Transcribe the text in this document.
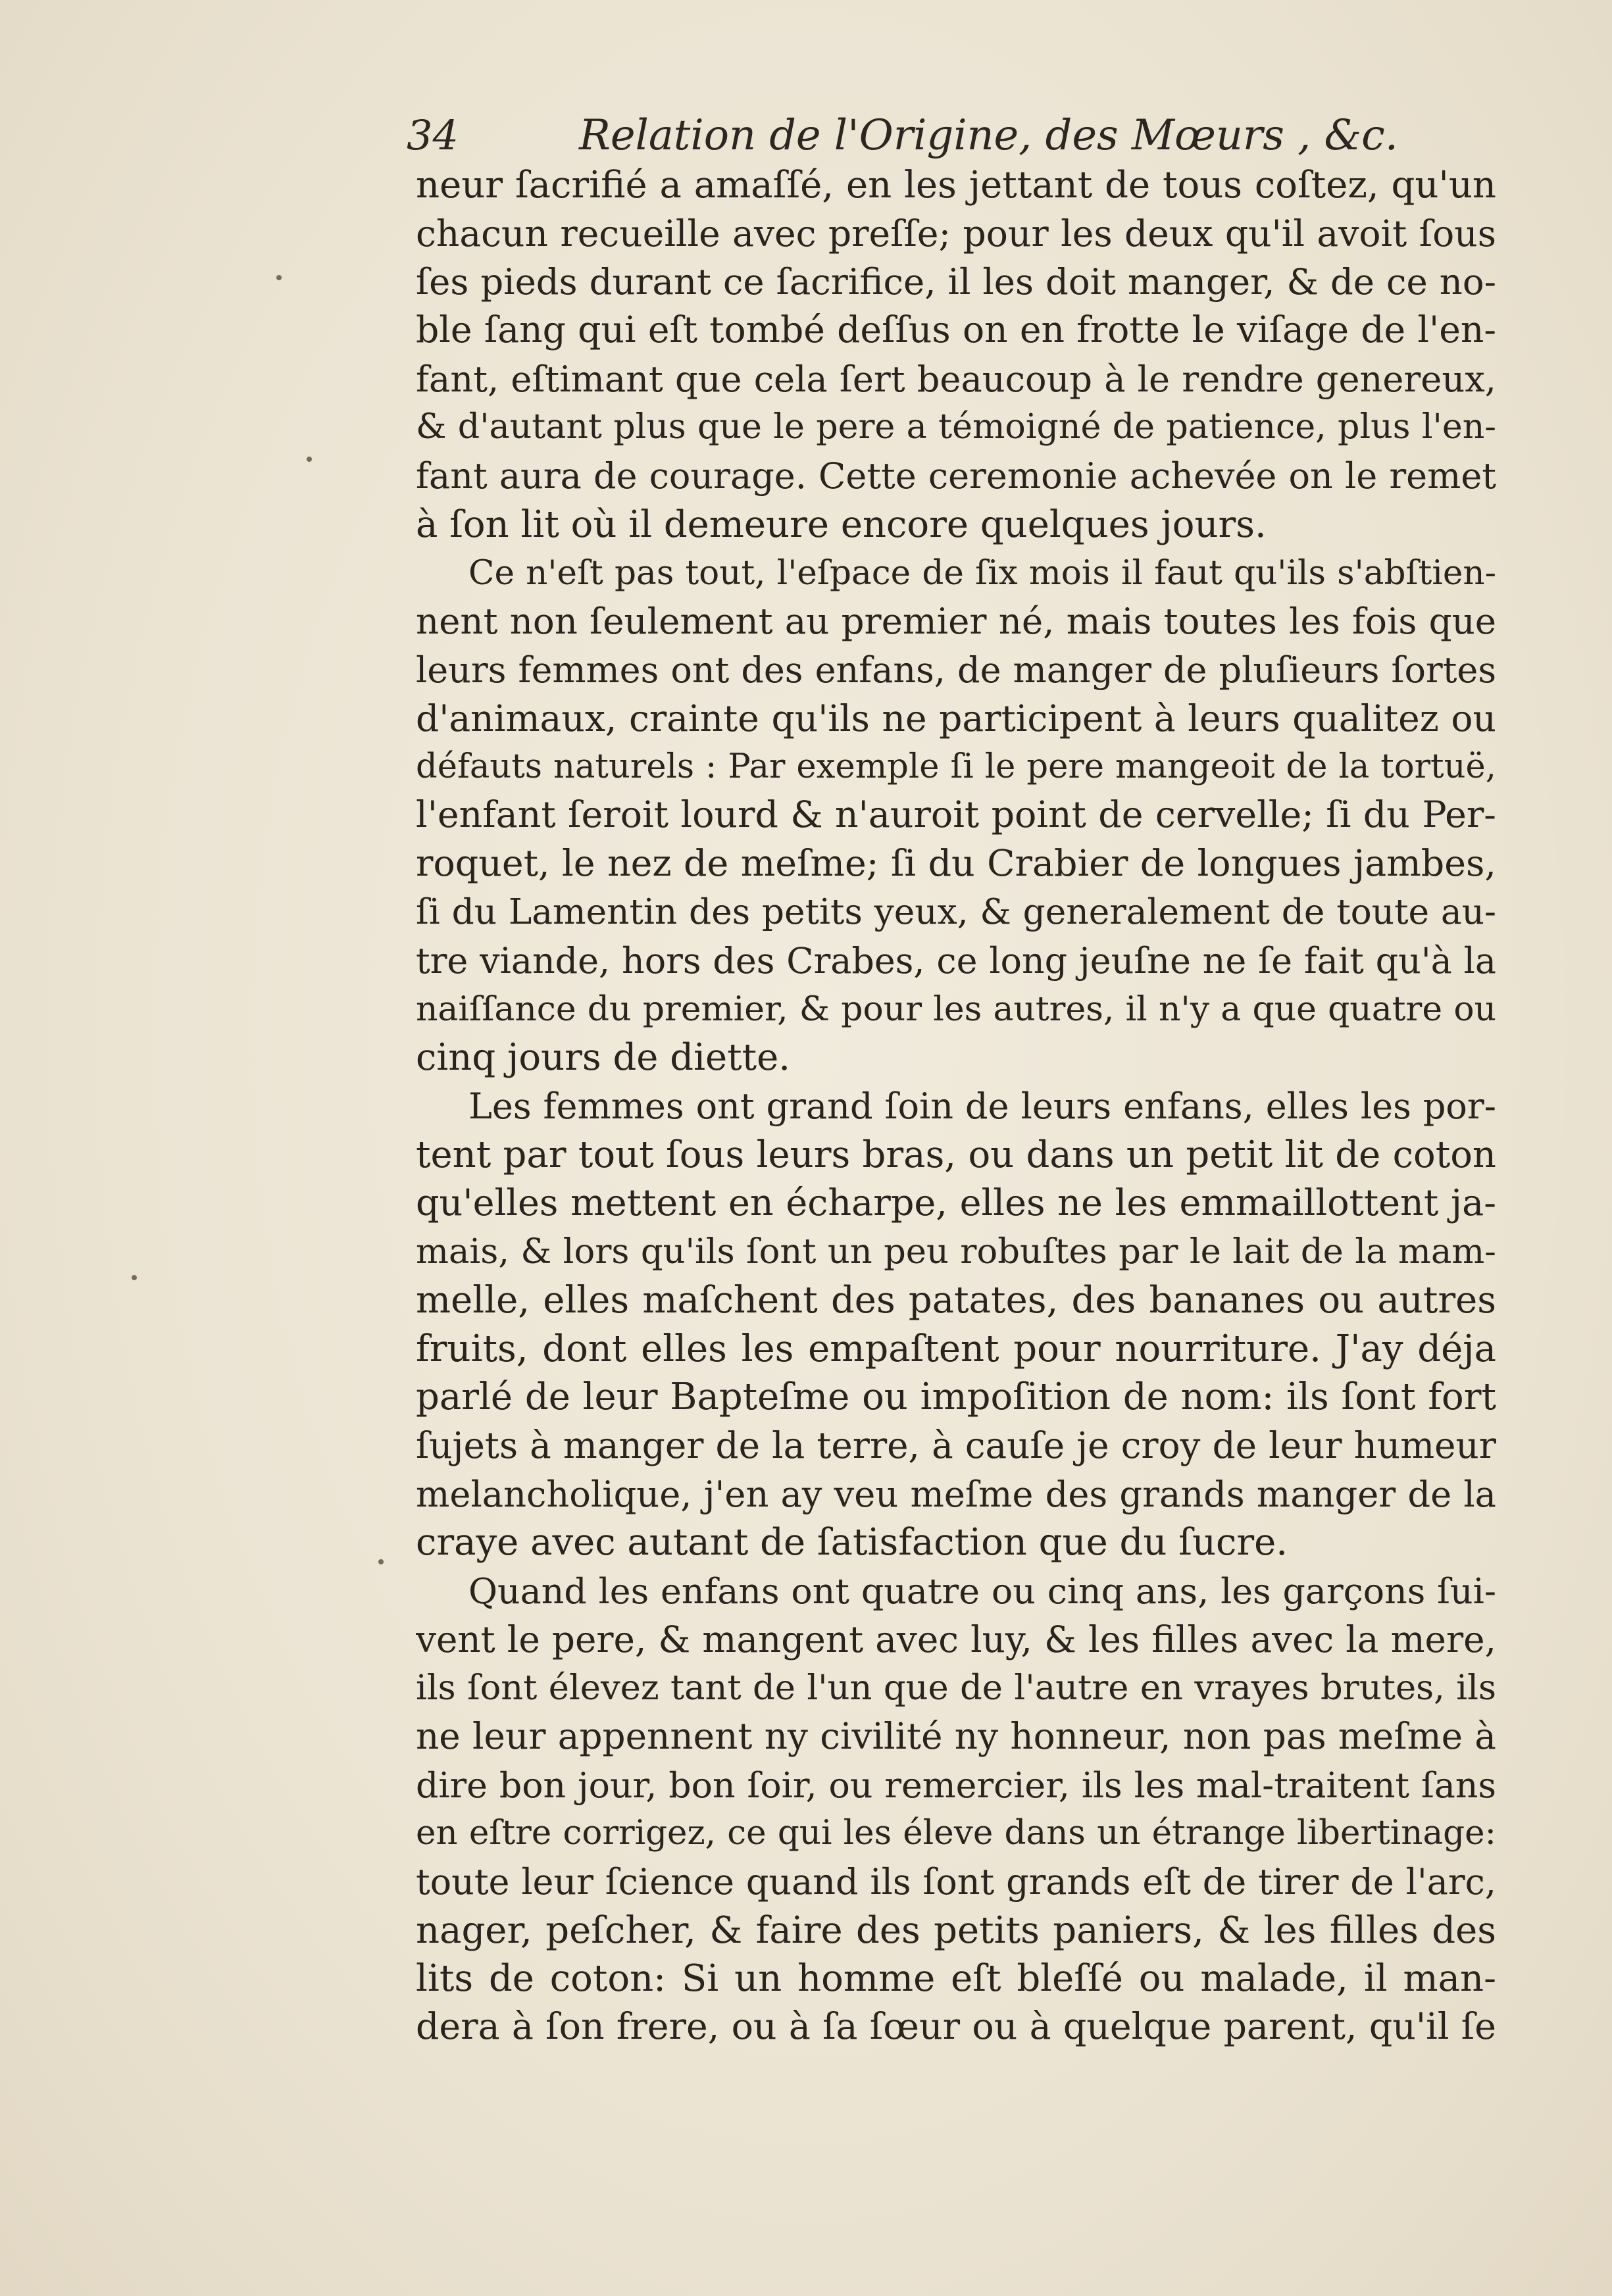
34	Relation de l'Origine, des Mœurs , &c.
neur ſacrifié a amaſſé, en les jettant de tous coſtez, qu'un
chacun recueille avec preſſe; pour les deux qu'il avoit ſous
ſes pieds durant ce ſacrifice, il les doit manger, & de ce no-
ble ſang qui eſt tombé deſſus on en frotte le viſage de l'en-
fant, eſtimant que cela ſert beaucoup à le rendre genereux,
& d'autant plus que le pere a témoigné de patience, plus l'en-
fant aura de courage. Cette ceremonie achevée on le remet
à ſon lit où il demeure encore quelques jours.
Ce n'eſt pas tout, l'eſpace de ſix mois il faut qu'ils s'abſtien-
nent non ſeulement au premier né, mais toutes les fois que
leurs femmes ont des enfans, de manger de pluſieurs ſortes
d'animaux, crainte qu'ils ne participent à leurs qualitez ou
défauts naturels : Par exemple ſi le pere mangeoit de la tortuë,
l'enfant ſeroit lourd & n'auroit point de cervelle; ſi du Per-
roquet, le nez de meſme; ſi du Crabier de longues jambes,
ſi du Lamentin des petits yeux, & generalement de toute au-
tre viande, hors des Crabes, ce long jeuſne ne ſe fait qu'à la
naiſſance du premier, & pour les autres, il n'y a que quatre ou
cinq jours de diette.
Les femmes ont grand ſoin de leurs enfans, elles les por-
tent par tout ſous leurs bras, ou dans un petit lit de coton
qu'elles mettent en écharpe, elles ne les emmaillottent ja-
mais, & lors qu'ils ſont un peu robuſtes par le lait de la mam-
melle, elles maſchent des patates, des bananes ou autres
fruits, dont elles les empaſtent pour nourriture. J'ay déja
parlé de leur Bapteſme ou impoſition de nom: ils ſont fort
ſujets à manger de la terre, à cauſe je croy de leur humeur
melancholique, j'en ay veu meſme des grands manger de la
craye avec autant de ſatisfaction que du ſucre.
Quand les enfans ont quatre ou cinq ans, les garçons ſui-
vent le pere, & mangent avec luy, & les filles avec la mere,
ils ſont élevez tant de l'un que de l'autre en vrayes brutes, ils
ne leur appennent ny civilité ny honneur, non pas meſme à
dire bon jour, bon ſoir, ou remercier, ils les mal-traitent ſans
en eſtre corrigez, ce qui les éleve dans un étrange libertinage:
toute leur ſcience quand ils ſont grands eſt de tirer de l'arc,
nager, peſcher, & faire des petits paniers, & les filles des
lits de coton: Si un homme eſt bleſſé ou malade, il man-
dera à ſon frere, ou à ſa ſœur ou à quelque parent, qu'il ſe
